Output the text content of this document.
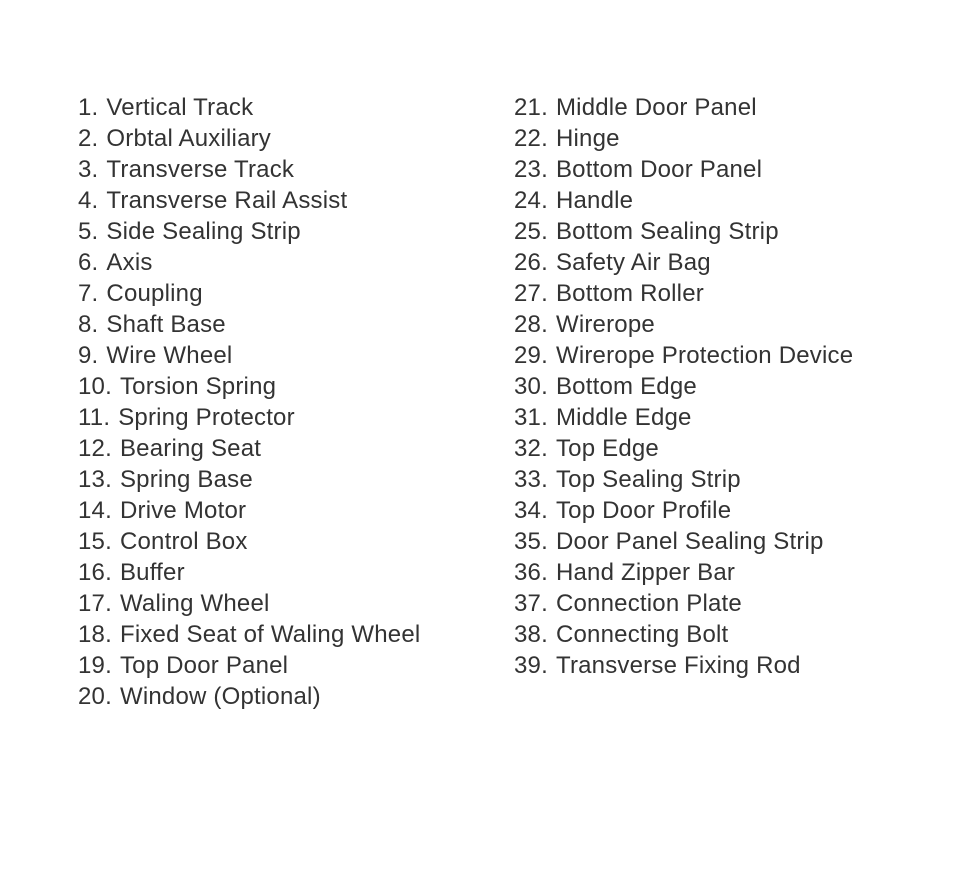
1. Vertical Track
2. Orbtal Auxiliary
3. Transverse Track
4. Transverse Rail Assist
5. Side Sealing Strip
6. Axis
7. Coupling
8. Shaft Base
9. Wire Wheel
10. Torsion Spring
11. Spring Protector
12. Bearing Seat
13. Spring Base
14. Drive Motor
15. Control Box
16. Buffer
17. Waling Wheel
18. Fixed Seat of Waling Wheel
19. Top Door Panel
20. Window (Optional)
21. Middle Door Panel
22. Hinge
23. Bottom Door Panel
24. Handle
25. Bottom Sealing Strip
26. Safety Air Bag
27. Bottom Roller
28. Wirerope
29. Wirerope Protection Device
30. Bottom Edge
31. Middle Edge
32. Top Edge
33. Top Sealing Strip
34. Top Door Profile
35. Door Panel Sealing Strip
36. Hand Zipper Bar
37. Connection Plate
38. Connecting Bolt
39. Transverse Fixing Rod
